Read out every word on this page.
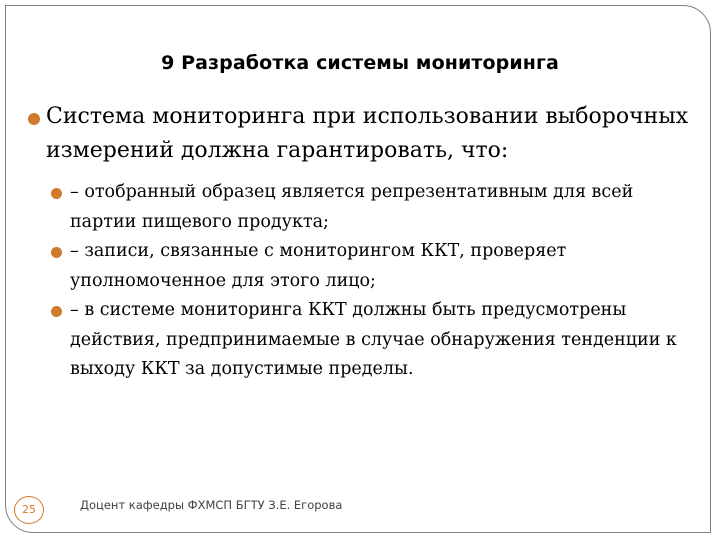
9 Разработка системы мониторинга
Система мониторинга при использовании выборочных измерений должна гарантировать, что:
– отобранный образец является репрезентативным для всей партии пищевого продукта;
– записи, связанные с мониторингом ККТ, проверяет уполномоченное для этого лицо;
– в системе мониторинга ККТ должны быть предусмотрены действия, предпринимаемые в случае обнаружения тенденции к выходу ККТ за допустимые пределы.
25	Доцент кафедры ФХМСП БГТУ З.Е. Егорова
